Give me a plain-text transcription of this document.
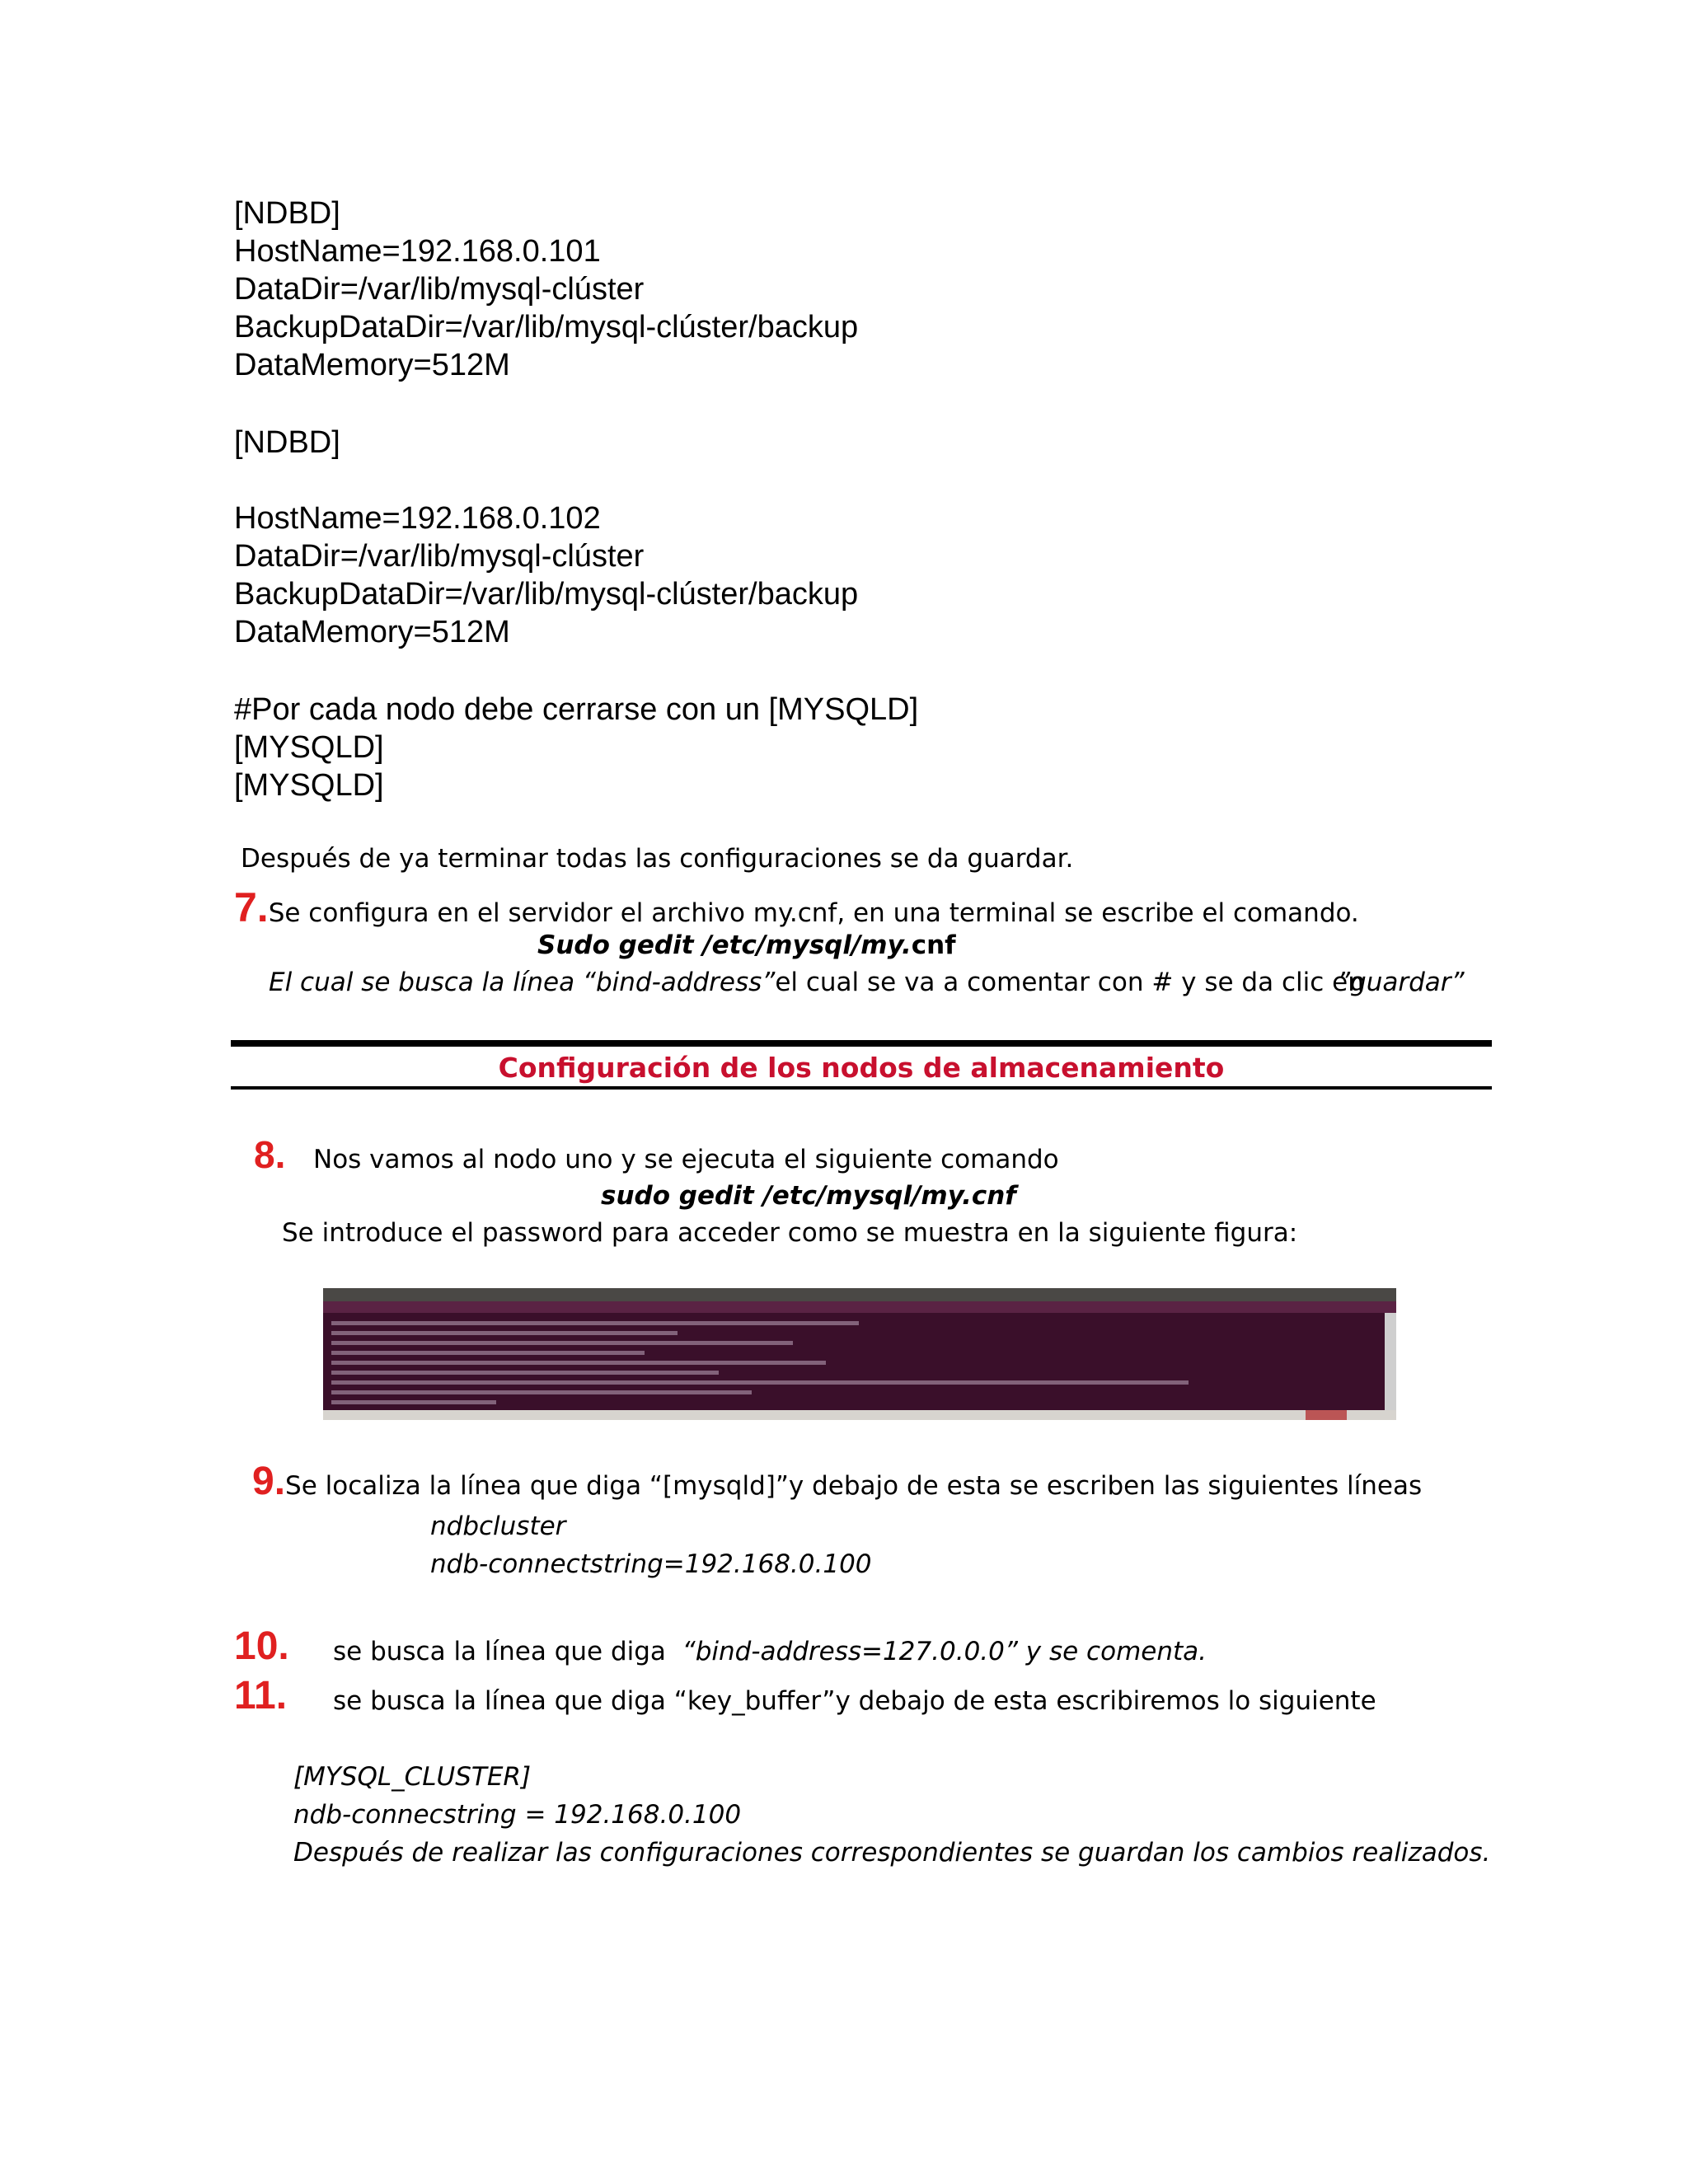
[NDBD]
HostName=192.168.0.101
DataDir=/var/lib/mysql-clúster
BackupDataDir=/var/lib/mysql-clúster/backup
DataMemory=512M
[NDBD]
HostName=192.168.0.102
DataDir=/var/lib/mysql-clúster
BackupDataDir=/var/lib/mysql-clúster/backup
DataMemory=512M
#Por cada nodo debe cerrarse con un [MYSQLD]
[MYSQLD]
[MYSQLD]
Después de ya terminar todas las configuraciones se da guardar.
7.Se configura en el servidor el archivo my.cnf, en una terminal se escribe el comando.
Sudo gedit /etc/mysql/my.cnf
El cual se busca la línea “bind-address”el cual se va a comentar con # y se da clic en
”guardar”
Configuración de los nodos de almacenamiento
8. Nos vamos al nodo uno y se ejecuta el siguiente comando
sudo gedit /etc/mysql/my.cnf
Se introduce el password para acceder como se muestra en la siguiente figura:
9.Se localiza la línea que diga “[mysqld]”y debajo de esta se escriben las siguientes líneas
ndbcluster
ndb-connectstring=192.168.0.100
10. se busca la línea que diga “bind-address=127.0.0.0” y se comenta.
11. se busca la línea que diga “key_buffer”y debajo de esta escribiremos lo siguiente
[MYSQL_CLUSTER]
ndb-connecstring = 192.168.0.100
Después de realizar las configuraciones correspondientes se guardan los cambios realizados.
